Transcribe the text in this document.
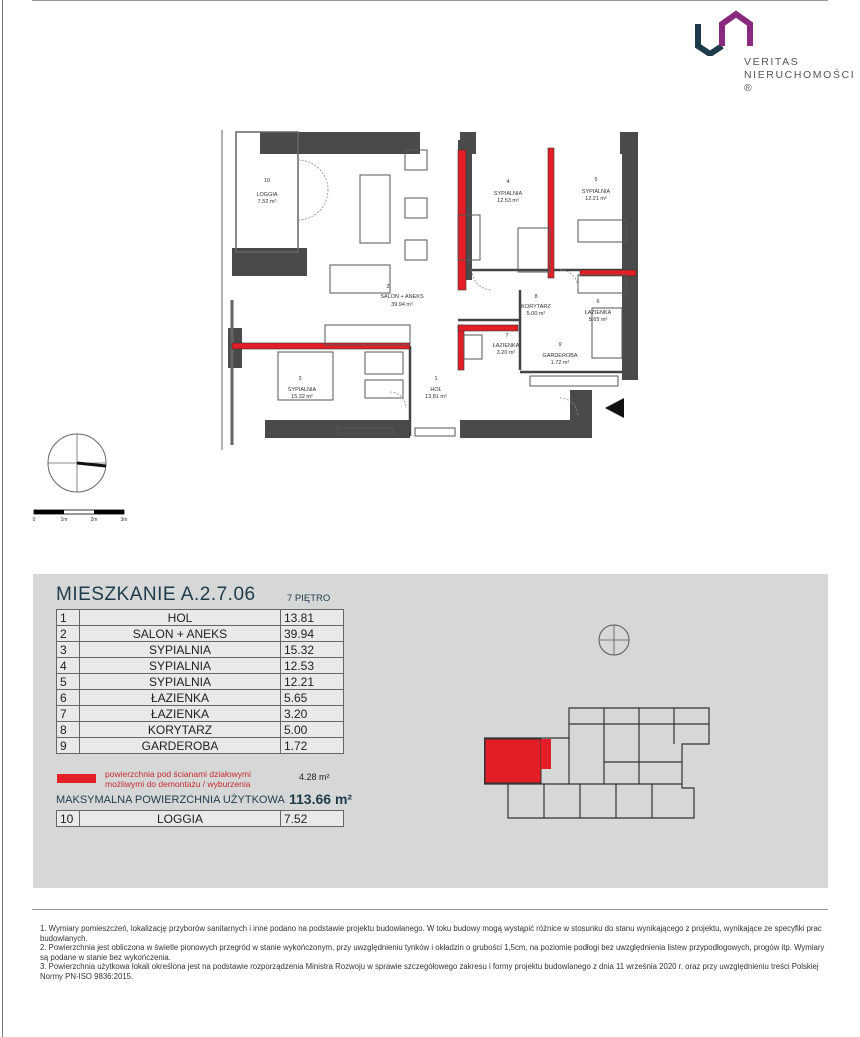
VERITAS
NIERUCHOMOŚCI ®
10
LOGGIA
7.52 m²
2
SALON + ANEKS
39.94 m²
4
SYPIALNIA
12.53 m²
5
SYPIALNIA
12.21 m²
8
KORYTARZ
5.00 m²
6
ŁAZIENKA
5.65 m²
7
ŁAZIENKA
3.20 m²
9
GARDEROBA
1.72 m²
1
HOL
13.81 m²
3
SYPIALNIA
15.32 m²
0	1m	2m	3m
MIESZKANIE A.2.7.06	7 PIĘTRO
1	HOL	13.81
2	SALON + ANEKS	39.94
3	SYPIALNIA	15.32
4	SYPIALNIA	12.53
5	SYPIALNIA	12.21
6	ŁAZIENKA	5.65
7	ŁAZIENKA	3.20
8	KORYTARZ	5.00
9	GARDEROBA	1.72
powierzchnia pod ścianami działowymi
możliwymi do demontażu / wyburzenia
4.28 m²
MAKSYMALNA POWIERZCHNIA UŻYTKOWA 113.66 m²
10	LOGGIA	7.52
1. Wymiary pomieszczeń, lokalizację przyborów sanitarnych i inne podano na podstawie projektu budowlanego. W toku budowy mogą wystąpić różnice w stosunku do stanu wynikającego z projektu, wynikające ze specyfiki prac budowlanych.
2. Powierzchnia jest obliczona w świetle pionowych przegród w stanie wykończonym, przy uwzględnieniu tynków i okładzin o grubości 1,5cm, na poziomie podłogi bez uwzględnienia listew przypodłogowych, progów itp. Wymiary są podane w stanie bez wykończenia.
3. Powierzchnia użytkowa lokali określona jest na podstawie rozporządzenia Ministra Rozwoju w sprawie szczegółowego zakresu i formy projektu budowlanego z dnia 11 września 2020 r. oraz przy uwzględnieniu treści Polskiej Normy PN-ISO 9836:2015.
